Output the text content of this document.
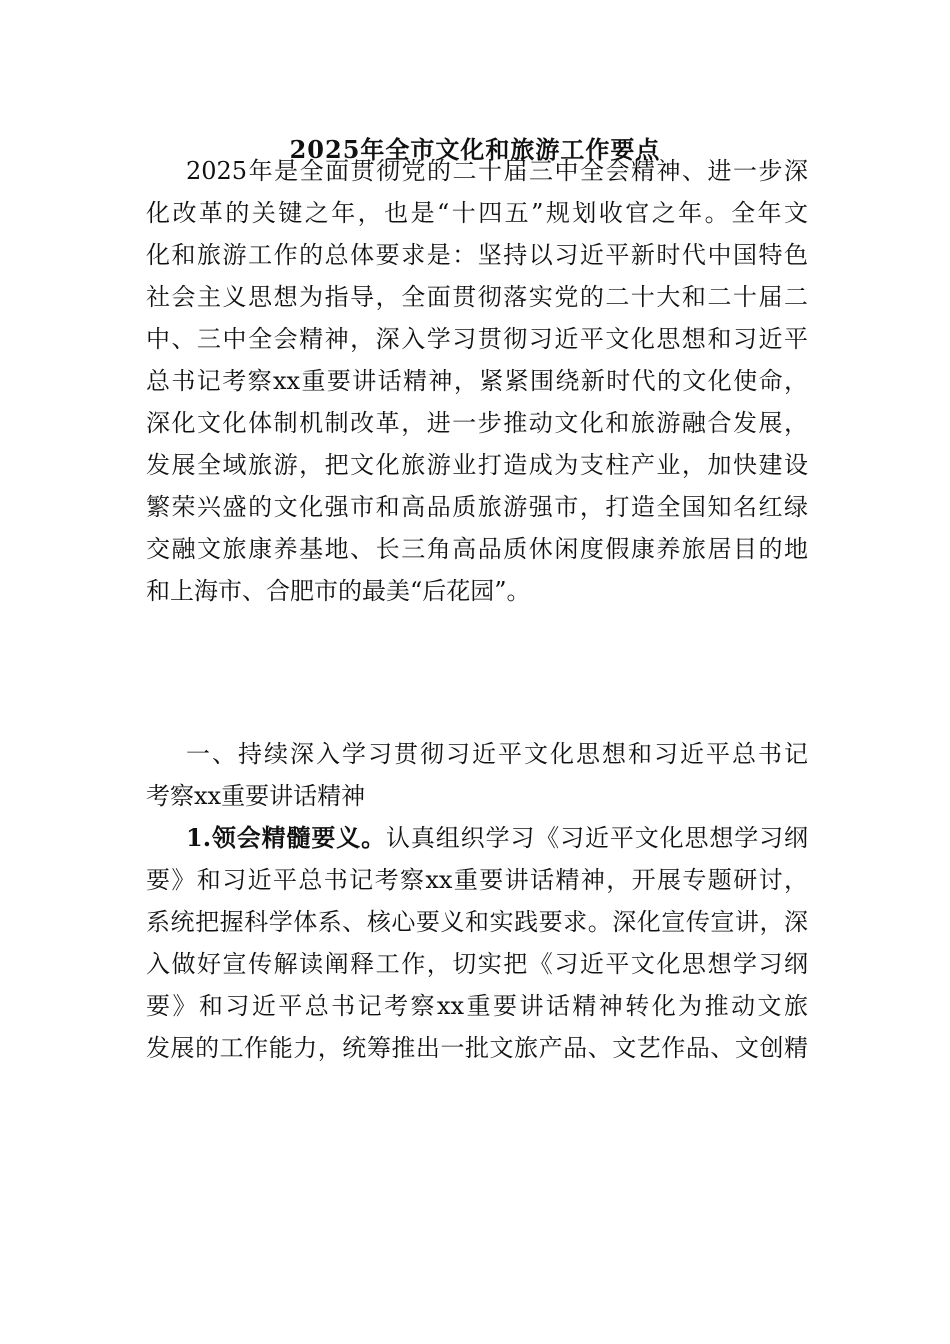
2025年全市文化和旅游工作要点
2025年是全面贯彻党的二十届三中全会精神、进一步深
化改革的关键之年，也是“十四五”规划收官之年。全年文
化和旅游工作的总体要求是：坚持以习近平新时代中国特色
社会主义思想为指导，全面贯彻落实党的二十大和二十届二
中、三中全会精神，深入学习贯彻习近平文化思想和习近平
总书记考察xx重要讲话精神，紧紧围绕新时代的文化使命，
深化文化体制机制改革，进一步推动文化和旅游融合发展，
发展全域旅游，把文化旅游业打造成为支柱产业，加快建设
繁荣兴盛的文化强市和高品质旅游强市，打造全国知名红绿
交融文旅康养基地、长三角高品质休闲度假康养旅居目的地
和上海市、合肥市的最美“后花园”。
一、持续深入学习贯彻习近平文化思想和习近平总书记
考察xx重要讲话精神
1.领会精髓要义。认真组织学习《习近平文化思想学习纲
要》和习近平总书记考察xx重要讲话精神，开展专题研讨，
系统把握科学体系、核心要义和实践要求。深化宣传宣讲，深
入做好宣传解读阐释工作，切实把《习近平文化思想学习纲
要》和习近平总书记考察xx重要讲话精神转化为推动文旅
发展的工作能力，统筹推出一批文旅产品、文艺作品、文创精
